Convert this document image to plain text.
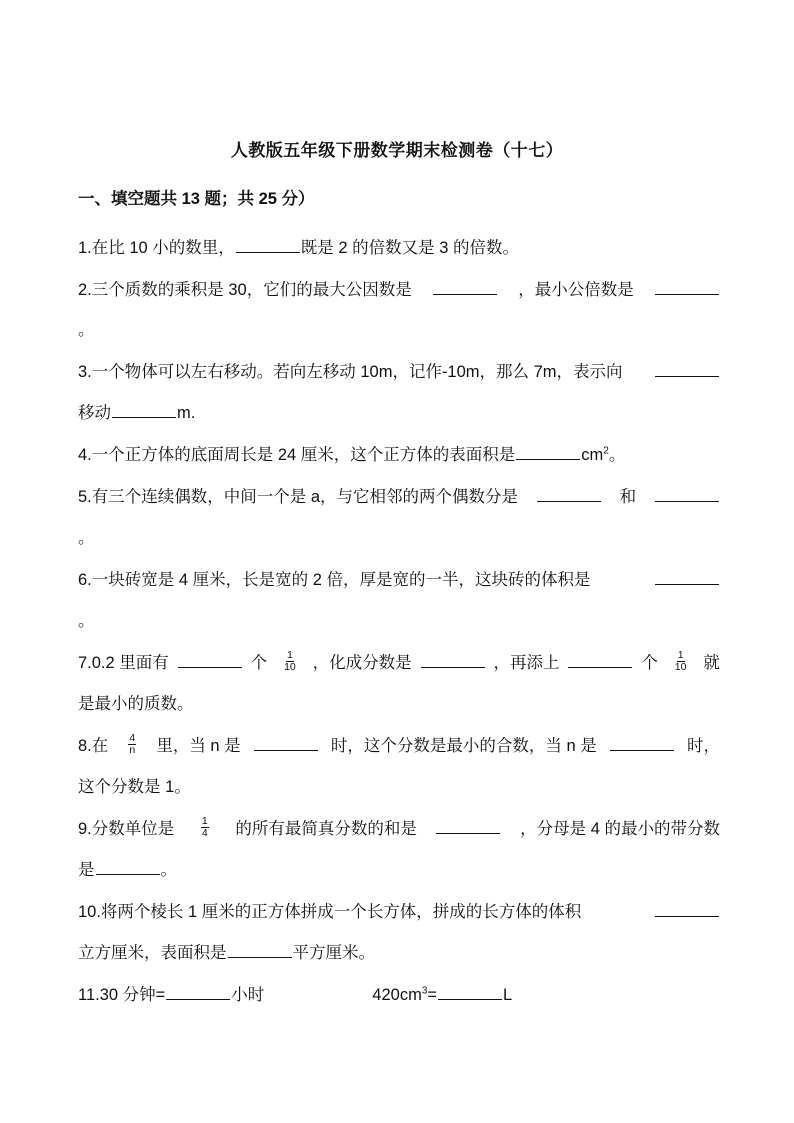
人教版五年级下册数学期末检测卷（十七）
一、填空题共 13 题；共 25 分）
1.在比 10 小的数里，	既是 2 的倍数又是 3 的倍数。
2.三个质数的乘积是 30，它们的最大公因数是	，最小公倍数是
。
3.一个物体可以左右移动。若向左移动 10m，记作-10m，那么 7m，表示向
移动	m.
4.一个正方体的底面周长是 24 厘米，这个正方体的表面积是	$cm^2$。
5.有三个连续偶数，中间一个是 a，与它相邻的两个偶数分是	和
。
6.一块砖宽是 4 厘米，长是宽的 2 倍，厚是宽的一半，这块砖的体积是
。
7.0.2 里面有	个 $\frac{1}{10}$ ，化成分数是	，再添上	个 $\frac{1}{10}$ 就
是最小的质数。
8.在 $\frac{4}{n}$ 里，当 n 是	时，这个分数是最小的合数，当 n 是	时，
这个分数是 1。
9.分数单位是	$\frac{1}{4}$ 的所有最简真分数的和是	，分母是 4 的最小的带分数
是	。
10.将两个棱长 1 厘米的正方体拼成一个长方体，拼成的长方体的体积
立方厘米，表面积是	平方厘米。
11.30 分钟=	小时	$420cm^3=$	L
